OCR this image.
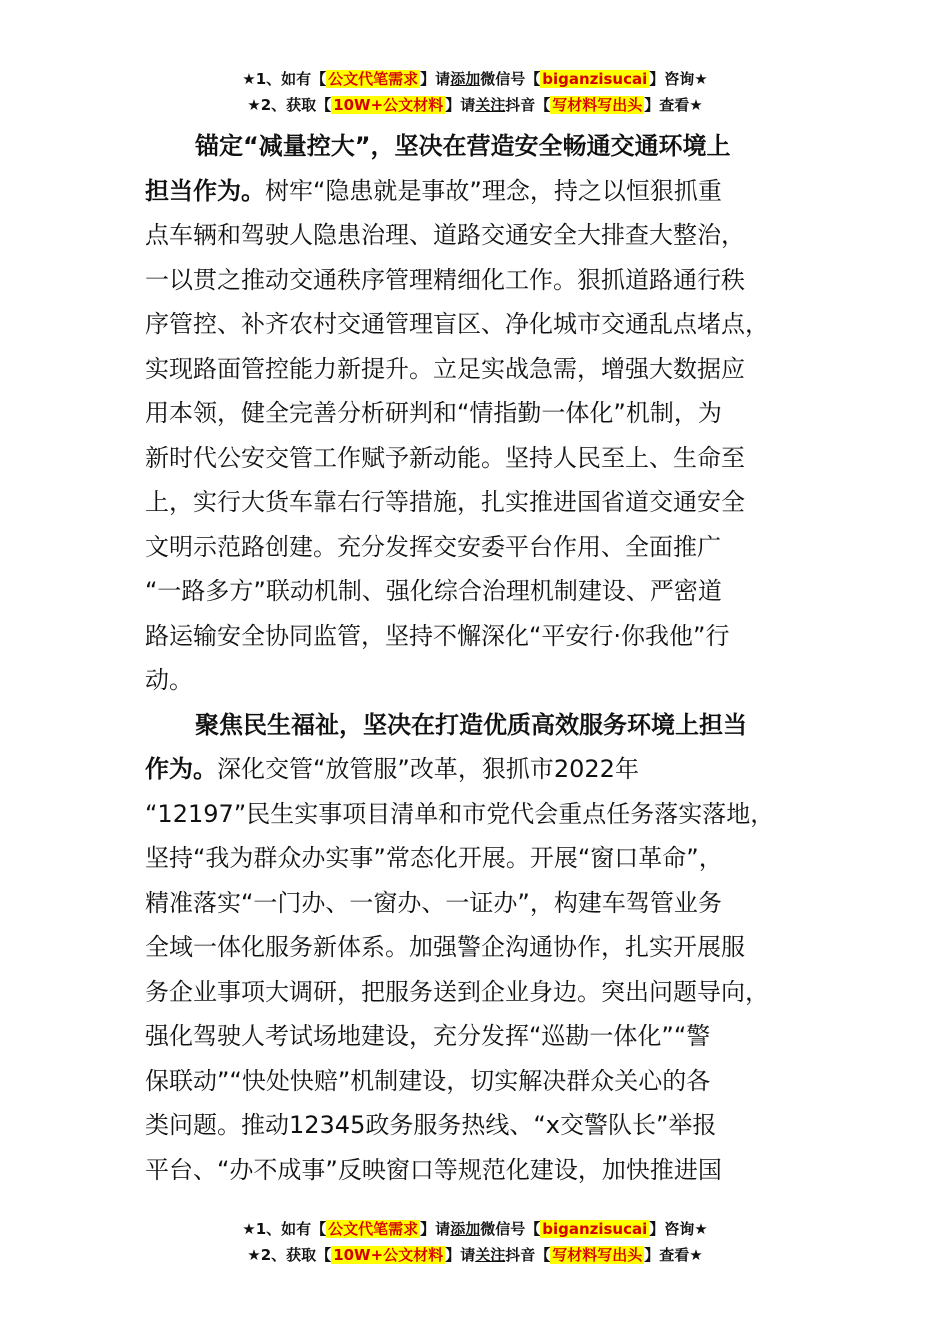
★1、如有【 公文代笔需求 】请添加微信号【 biganzisucai 】咨询★
★2、获取【 10W+公文材料 】请关注抖音【 写材料写出头 】查看★
锚定“减量控大”，坚决在营造安全畅通交通环境上
担当作为。树牢“隐患就是事故”理念，持之以恒狠抓重
点车辆和驾驶人隐患治理、道路交通安全大排查大整治，
一以贯之推动交通秩序管理精细化工作。狠抓道路通行秩
序管控、补齐农村交通管理盲区、净化城市交通乱点堵点，
实现路面管控能力新提升。立足实战急需，增强大数据应
用本领，健全完善分析研判和“情指勤一体化”机制，为
新时代公安交管工作赋予新动能。坚持人民至上、生命至
上，实行大货车靠右行等措施，扎实推进国省道交通安全
文明示范路创建。充分发挥交安委平台作用、全面推广
“一路多方”联动机制、强化综合治理机制建设、严密道
路运输安全协同监管，坚持不懈深化“平安行·你我他”行
动。
聚焦民生福祉，坚决在打造优质高效服务环境上担当
作为。深化交管“放管服”改革，狠抓市2022年
“12197”民生实事项目清单和市党代会重点任务落实落地，
坚持“我为群众办实事”常态化开展。开展“窗口革命”，
精准落实“一门办、一窗办、一证办”，构建车驾管业务
全域一体化服务新体系。加强警企沟通协作，扎实开展服
务企业事项大调研，把服务送到企业身边。突出问题导向，
强化驾驶人考试场地建设，充分发挥“巡勘一体化”“警
保联动”“快处快赔”机制建设，切实解决群众关心的各
类问题。推动12345政务服务热线、“x交警队长”举报
平台、“办不成事”反映窗口等规范化建设，加快推进国
★1、如有【 公文代笔需求 】请添加微信号【 biganzisucai 】咨询★
★2、获取【 10W+公文材料 】请关注抖音【 写材料写出头 】查看★
